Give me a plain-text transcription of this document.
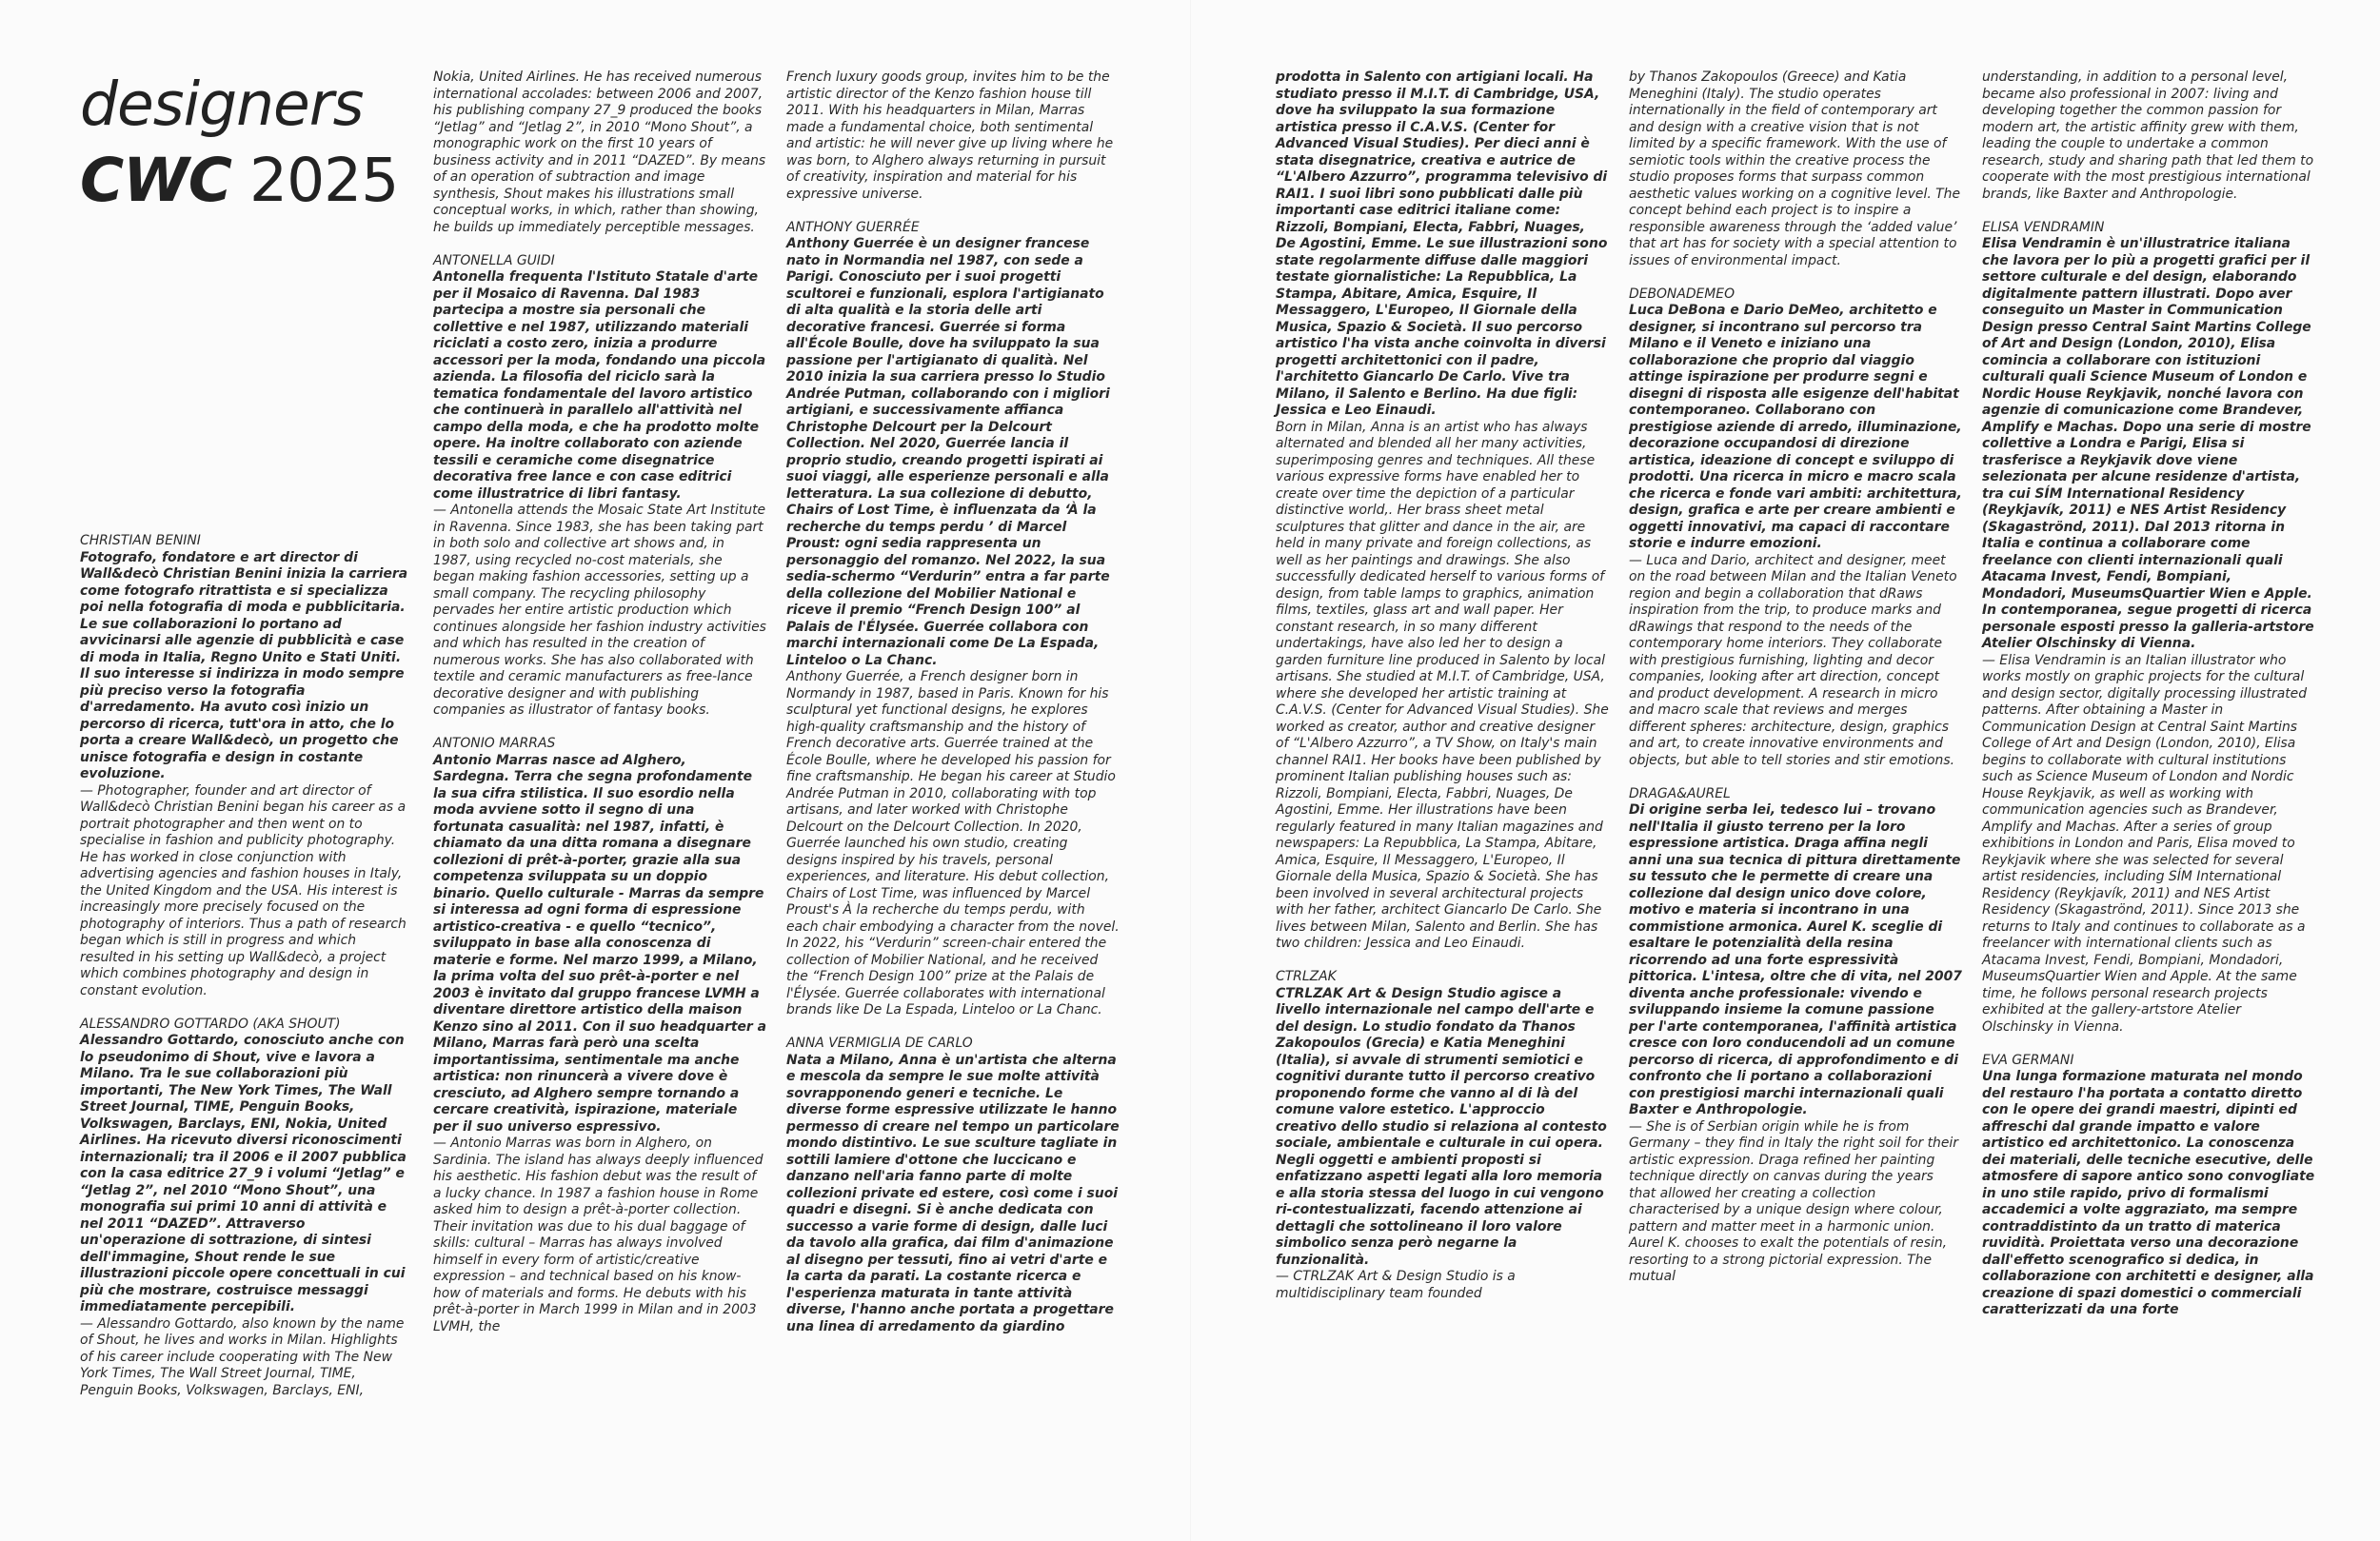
designers
CWC 2025

CHRISTIAN BENINI

Fotografo, fondatore e art director di Wall&decò Christian Benini inizia la carriera come fotografo ritrattista e si specializza poi nella fotografia di moda e pubblicitaria. Le sue collaborazioni lo portano ad avvicinarsi alle agenzie di pubblicità e case di moda in Italia, Regno Unito e Stati Uniti. Il suo interesse si indirizza in modo sempre più preciso verso la fotografia d'arredamento. Ha avuto così inizio un percorso di ricerca, tutt'ora in atto, che lo porta a creare Wall&decò, un progetto che unisce fotografia e design in costante evoluzione.

— Photographer, founder and art director of Wall&decò Christian Benini began his career as a portrait photographer and then went on to specialise in fashion and publicity photography. He has worked in close conjunction with advertising agencies and fashion houses in Italy, the United Kingdom and the USA. His interest is increasingly more precisely focused on the photography of interiors. Thus a path of research began which is still in progress and which resulted in his setting up Wall&decò, a project which combines photography and design in constant evolution.

ALESSANDRO GOTTARDO (AKA SHOUT)

Alessandro Gottardo, conosciuto anche con lo pseudonimo di Shout, vive e lavora a Milano. Tra le sue collaborazioni più importanti, The New York Times, The Wall Street Journal, TIME, Penguin Books, Volkswagen, Barclays, ENI, Nokia, United Airlines. Ha ricevuto diversi riconoscimenti internazionali; tra il 2006 e il 2007 pubblica con la casa editrice 27_9 i volumi “Jetlag” e “Jetlag 2”, nel 2010 “Mono Shout”, una monografia sui primi 10 anni di attività e nel 2011 “DAZED”. Attraverso un'operazione di sottrazione, di sintesi dell'immagine, Shout rende le sue illustrazioni piccole opere concettuali in cui più che mostrare, costruisce messaggi immediatamente percepibili.

— Alessandro Gottardo, also known by the name of Shout, he lives and works in Milan. Highlights of his career include cooperating with The New York Times, The Wall Street Journal, TIME, Penguin Books, Volkswagen, Barclays, ENI,

Nokia, United Airlines. He has received numerous international accolades: between 2006 and 2007, his publishing company 27_9 produced the books “Jetlag” and “Jetlag 2”, in 2010 “Mono Shout”, a monographic work on the first 10 years of business activity and in 2011 “DAZED”. By means of an operation of subtraction and image synthesis, Shout makes his illustrations small conceptual works, in which, rather than showing, he builds up immediately perceptible messages.

ANTONELLA GUIDI

Antonella frequenta l'Istituto Statale d'arte per il Mosaico di Ravenna. Dal 1983 partecipa a mostre sia personali che collettive e nel 1987, utilizzando materiali riciclati a costo zero, inizia a produrre accessori per la moda, fondando una piccola azienda. La filosofia del riciclo sarà la tematica fondamentale del lavoro artistico che continuerà in parallelo all'attività nel campo della moda, e che ha prodotto molte opere. Ha inoltre collaborato con aziende tessili e ceramiche come disegnatrice decorativa free lance e con case editrici come illustratrice di libri fantasy.

— Antonella attends the Mosaic State Art Institute in Ravenna. Since 1983, she has been taking part in both solo and collective art shows and, in 1987, using recycled no-cost materials, she began making fashion accessories, setting up a small company. The recycling philosophy pervades her entire artistic production which continues alongside her fashion industry activities and which has resulted in the creation of numerous works. She has also collaborated with textile and ceramic manufacturers as free-lance decorative designer and with publishing companies as illustrator of fantasy books.

ANTONIO MARRAS

Antonio Marras nasce ad Alghero, Sardegna. Terra che segna profondamente la sua cifra stilistica. Il suo esordio nella moda avviene sotto il segno di una fortunata casualità: nel 1987, infatti, è chiamato da una ditta romana a disegnare collezioni di prêt-à-porter, grazie alla sua competenza sviluppata su un doppio binario. Quello culturale - Marras da sempre si interessa ad ogni forma di espressione artistico-creativa - e quello “tecnico”, sviluppato in base alla conoscenza di materie e forme. Nel marzo 1999, a Milano, la prima volta del suo prêt-à-porter e nel 2003 è invitato dal gruppo francese LVMH a diventare direttore artistico della maison Kenzo sino al 2011. Con il suo headquarter a Milano, Marras farà però una scelta importantissima, sentimentale ma anche artistica: non rinuncerà a vivere dove è cresciuto, ad Alghero sempre tornando a cercare creatività, ispirazione, materiale per il suo universo espressivo.

— Antonio Marras was born in Alghero, on Sardinia. The island has always deeply influenced his aesthetic. His fashion debut was the result of a lucky chance. In 1987 a fashion house in Rome asked him to design a prêt-à-porter collection. Their invitation was due to his dual baggage of skills: cultural – Marras has always involved himself in every form of artistic/creative expression – and technical based on his know-how of materials and forms. He debuts with his prêt-à-porter in March 1999 in Milan and in 2003 LVMH, the

French luxury goods group, invites him to be the artistic director of the Kenzo fashion house till 2011. With his headquarters in Milan, Marras made a fundamental choice, both sentimental and artistic: he will never give up living where he was born, to Alghero always returning in pursuit of creativity, inspiration and material for his expressive universe.

ANTHONY GUERRÉE

Anthony Guerrée è un designer francese nato in Normandia nel 1987, con sede a Parigi. Conosciuto per i suoi progetti scultorei e funzionali, esplora l'artigianato di alta qualità e la storia delle arti decorative francesi. Guerrée si forma all'École Boulle, dove ha sviluppato la sua passione per l'artigianato di qualità. Nel 2010 inizia la sua carriera presso lo Studio Andrée Putman, collaborando con i migliori artigiani, e successivamente affianca Christophe Delcourt per la Delcourt Collection. Nel 2020, Guerrée lancia il proprio studio, creando progetti ispirati ai suoi viaggi, alle esperienze personali e alla letteratura. La sua collezione di debutto, Chairs of Lost Time, è influenzata da ‘À la recherche du temps perdu ’ di Marcel Proust: ogni sedia rappresenta un personaggio del romanzo. Nel 2022, la sua sedia-schermo “Verdurin” entra a far parte della collezione del Mobilier National e riceve il premio “French Design 100” al Palais de l'Élysée. Guerrée collabora con marchi internazionali come De La Espada, Linteloo o La Chanc.

Anthony Guerrée, a French designer born in Normandy in 1987, based in Paris. Known for his sculptural yet functional designs, he explores high-quality craftsmanship and the history of French decorative arts. Guerrée trained at the École Boulle, where he developed his passion for fine craftsmanship. He began his career at Studio Andrée Putman in 2010, collaborating with top artisans, and later worked with Christophe Delcourt on the Delcourt Collection. In 2020, Guerrée launched his own studio, creating designs inspired by his travels, personal experiences, and literature. His debut collection, Chairs of Lost Time, was influenced by Marcel Proust's À la recherche du temps perdu, with each chair embodying a character from the novel. In 2022, his “Verdurin” screen-chair entered the collection of Mobilier National, and he received the “French Design 100” prize at the Palais de l'Élysée. Guerrée collaborates with international brands like De La Espada, Linteloo or La Chanc.

ANNA VERMIGLIA DE CARLO

Nata a Milano, Anna è un'artista che alterna e mescola da sempre le sue molte attività sovrapponendo generi e tecniche. Le diverse forme espressive utilizzate le hanno permesso di creare nel tempo un particolare mondo distintivo. Le sue sculture tagliate in sottili lamiere d'ottone che luccicano e danzano nell'aria fanno parte di molte collezioni private ed estere, così come i suoi quadri e disegni. Si è anche dedicata con successo a varie forme di design, dalle luci da tavolo alla grafica, dai film d'animazione al disegno per tessuti, fino ai vetri d'arte e la carta da parati. La costante ricerca e l'esperienza maturata in tante attività diverse, l'hanno anche portata a progettare una linea di arredamento da giardino

prodotta in Salento con artigiani locali. Ha studiato presso il M.I.T. di Cambridge, USA, dove ha sviluppato la sua formazione artistica presso il C.A.V.S. (Center for Advanced Visual Studies). Per dieci anni è stata disegnatrice, creativa e autrice de “L'Albero Azzurro”, programma televisivo di RAI1. I suoi libri sono pubblicati dalle più importanti case editrici italiane come: Rizzoli, Bompiani, Electa, Fabbri, Nuages, De Agostini, Emme. Le sue illustrazioni sono state regolarmente diffuse dalle maggiori testate giornalistiche: La Repubblica, La Stampa, Abitare, Amica, Esquire, Il Messaggero, L'Europeo, Il Giornale della Musica, Spazio & Società. Il suo percorso artistico l'ha vista anche coinvolta in diversi progetti architettonici con il padre, l'architetto Giancarlo De Carlo. Vive tra Milano, il Salento e Berlino. Ha due figli: Jessica e Leo Einaudi.

Born in Milan, Anna is an artist who has always alternated and blended all her many activities, superimposing genres and techniques. All these various expressive forms have enabled her to create over time the depiction of a particular distinctive world,. Her brass sheet metal sculptures that glitter and dance in the air, are held in many private and foreign collections, as well as her paintings and drawings. She also successfully dedicated herself to various forms of design, from table lamps to graphics, animation films, textiles, glass art and wall paper. Her constant research, in so many different undertakings, have also led her to design a garden furniture line produced in Salento by local artisans. She studied at M.I.T. of Cambridge, USA, where she developed her artistic training at C.A.V.S. (Center for Advanced Visual Studies). She worked as creator, author and creative designer of “L'Albero Azzurro”, a TV Show, on Italy's main channel RAI1. Her books have been published by prominent Italian publishing houses such as: Rizzoli, Bompiani, Electa, Fabbri, Nuages, De Agostini, Emme. Her illustrations have been regularly featured in many Italian magazines and newspapers: La Repubblica, La Stampa, Abitare, Amica, Esquire, Il Messaggero, L'Europeo, Il Giornale della Musica, Spazio & Società. She has been involved in several architectural projects with her father, architect Giancarlo De Carlo. She lives between Milan, Salento and Berlin. She has two children: Jessica and Leo Einaudi.

CTRLZAK

CTRLZAK Art & Design Studio agisce a livello internazionale nel campo dell'arte e del design. Lo studio fondato da Thanos Zakopoulos (Grecia) e Katia Meneghini (Italia), si avvale di strumenti semiotici e cognitivi durante tutto il percorso creativo proponendo forme che vanno al di là del comune valore estetico. L'approccio creativo dello studio si relaziona al contesto sociale, ambientale e culturale in cui opera. Negli oggetti e ambienti proposti si enfatizzano aspetti legati alla loro memoria e alla storia stessa del luogo in cui vengono ri-contestualizzati, facendo attenzione ai dettagli che sottolineano il loro valore simbolico senza però negarne la funzionalità.

— CTRLZAK Art & Design Studio is a multidisciplinary team founded

by Thanos Zakopoulos (Greece) and Katia Meneghini (Italy). The studio operates internationally in the field of contemporary art and design with a creative vision that is not limited by a specific framework. With the use of semiotic tools within the creative process the studio proposes forms that surpass common aesthetic values working on a cognitive level. The concept behind each project is to inspire a responsible awareness through the ‘added value’ that art has for society with a special attention to issues of environmental impact.

DEBONADEMEO

Luca DeBona e Dario DeMeo, architetto e designer, si incontrano sul percorso tra Milano e il Veneto e iniziano una collaborazione che proprio dal viaggio attinge ispirazione per produrre segni e disegni di risposta alle esigenze dell'habitat contemporaneo. Collaborano con prestigiose aziende di arredo, illuminazione, decorazione occupandosi di direzione artistica, ideazione di concept e sviluppo di prodotti. Una ricerca in micro e macro scala che ricerca e fonde vari ambiti: architettura, design, grafica e arte per creare ambienti e oggetti innovativi, ma capaci di raccontare storie e indurre emozioni.

— Luca and Dario, architect and designer, meet on the road between Milan and the Italian Veneto region and begin a collaboration that dRaws inspiration from the trip, to produce marks and dRawings that respond to the needs of the contemporary home interiors. They collaborate with prestigious furnishing, lighting and decor companies, looking after art direction, concept and product development. A research in micro and macro scale that reviews and merges different spheres: architecture, design, graphics and art, to create innovative environments and objects, but able to tell stories and stir emotions.

DRAGA&AUREL

Di origine serba lei, tedesco lui – trovano nell'Italia il giusto terreno per la loro espressione artistica. Draga affina negli anni una sua tecnica di pittura direttamente su tessuto che le permette di creare una collezione dal design unico dove colore, motivo e materia si incontrano in una commistione armonica. Aurel K. sceglie di esaltare le potenzialità della resina ricorrendo ad una forte espressività pittorica. L'intesa, oltre che di vita, nel 2007 diventa anche professionale: vivendo e sviluppando insieme la comune passione per l'arte contemporanea, l'affinità artistica cresce con loro conducendoli ad un comune percorso di ricerca, di approfondimento e di confronto che li portano a collaborazioni con prestigiosi marchi internazionali quali Baxter e Anthropologie.

— She is of Serbian origin while he is from Germany – they find in Italy the right soil for their artistic expression. Draga refined her painting technique directly on canvas during the years that allowed her creating a collection characterised by a unique design where colour, pattern and matter meet in a harmonic union. Aurel K. chooses to exalt the potentials of resin, resorting to a strong pictorial expression. The mutual

understanding, in addition to a personal level, became also professional in 2007: living and developing together the common passion for modern art, the artistic affinity grew with them, leading the couple to undertake a common research, study and sharing path that led them to cooperate with the most prestigious international brands, like Baxter and Anthropologie.

ELISA VENDRAMIN

Elisa Vendramin è un'illustratrice italiana che lavora per lo più a progetti grafici per il settore culturale e del design, elaborando digitalmente pattern illustrati. Dopo aver conseguito un Master in Communication Design presso Central Saint Martins College of Art and Design (London, 2010), Elisa comincia a collaborare con istituzioni culturali quali Science Museum of London e Nordic House Reykjavik, nonché lavora con agenzie di comunicazione come Brandever, Amplify e Machas. Dopo una serie di mostre collettive a Londra e Parigi, Elisa si trasferisce a Reykjavik dove viene selezionata per alcune residenze d'artista, tra cui SÍM International Residency (Reykjavík, 2011) e NES Artist Residency (Skagaströnd, 2011). Dal 2013 ritorna in Italia e continua a collaborare come freelance con clienti internazionali quali Atacama Invest, Fendi, Bompiani, Mondadori, MuseumsQuartier Wien e Apple. In contemporanea, segue progetti di ricerca personale esposti presso la galleria-artstore Atelier Olschinsky di Vienna.

— Elisa Vendramin is an Italian illustrator who works mostly on graphic projects for the cultural and design sector, digitally processing illustrated patterns. After obtaining a Master in Communication Design at Central Saint Martins College of Art and Design (London, 2010), Elisa begins to collaborate with cultural institutions such as Science Museum of London and Nordic House Reykjavik, as well as working with communication agencies such as Brandever, Amplify and Machas. After a series of group exhibitions in London and Paris, Elisa moved to Reykjavik where she was selected for several artist residencies, including SÍM International Residency (Reykjavík, 2011) and NES Artist Residency (Skagaströnd, 2011). Since 2013 she returns to Italy and continues to collaborate as a freelancer with international clients such as Atacama Invest, Fendi, Bompiani, Mondadori, MuseumsQuartier Wien and Apple. At the same time, he follows personal research projects exhibited at the gallery-artstore Atelier Olschinsky in Vienna.

EVA GERMANI

Una lunga formazione maturata nel mondo del restauro l'ha portata a contatto diretto con le opere dei grandi maestri, dipinti ed affreschi dal grande impatto e valore artistico ed architettonico. La conoscenza dei materiali, delle tecniche esecutive, delle atmosfere di sapore antico sono convogliate in uno stile rapido, privo di formalismi accademici a volte aggraziato, ma sempre contraddistinto da un tratto di materica ruvidità. Proiettata verso una decorazione dall'effetto scenografico si dedica, in collaborazione con architetti e designer, alla creazione di spazi domestici o commerciali caratterizzati da una forte
